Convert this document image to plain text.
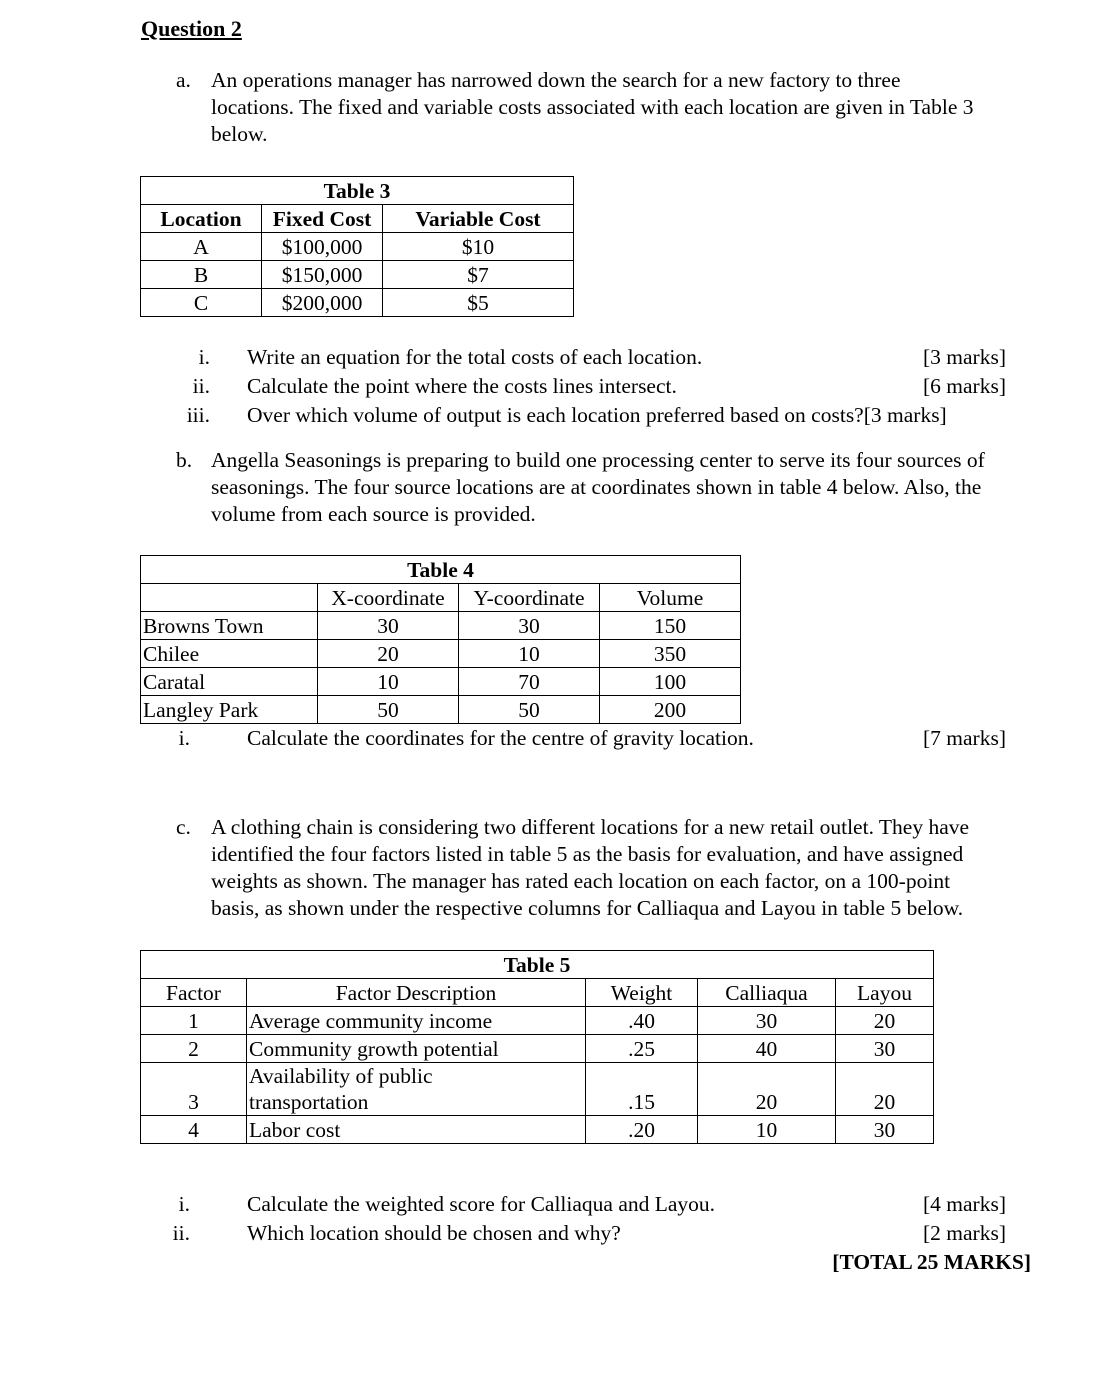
Question 2
a. An operations manager has narrowed down the search for a new factory to three
locations. The fixed and variable costs associated with each location are given in Table 3
below.
Table 3		
Location	Fixed Cost	Variable Cost
A	$100,000	$10
B	$150,000	$7
C	$200,000	$5
i.
ii.
iii.
Write an equation for the total costs of each location.
Calculate the point where the costs lines intersect.
Over which volume of output is each location preferred based on costs?[3 marks]
[3 marks]
[6 marks]
b. Angella Seasonings is preparing to build one processing center to serve its four sources of
seasonings. The four source locations are at coordinates shown in table 4 below. Also, the
volume from each source is provided.
Table 4			
	X-coordinate	Y-coordinate	Volume
Browns Town	30	30	150
Chilee	20	10	350
Caratal	10	70	100
Langley Park	50	50	200
i.	Calculate the coordinates for the centre of gravity location.	[7 marks]
c. A clothing chain is considering two different locations for a new retail outlet. They have
identified the four factors listed in table 5 as the basis for evaluation, and have assigned
weights as shown. The manager has rated each location on each factor, on a 100-point
basis, as shown under the respective columns for Calliaqua and Layou in table 5 below.
Table 5				
Factor	Factor Description	Weight	Calliaqua	Layou
1	Average community income	.40	30	20
2	Community growth potential	.25	40	30
3	Availability of public transportation	.15	20	20
4	Labor cost	.20	10	30
i.
ii.
Calculate the weighted score for Calliaqua and Layou.
Which location should be chosen and why?
[4 marks]
[2 marks]
[TOTAL 25 MARKS]
